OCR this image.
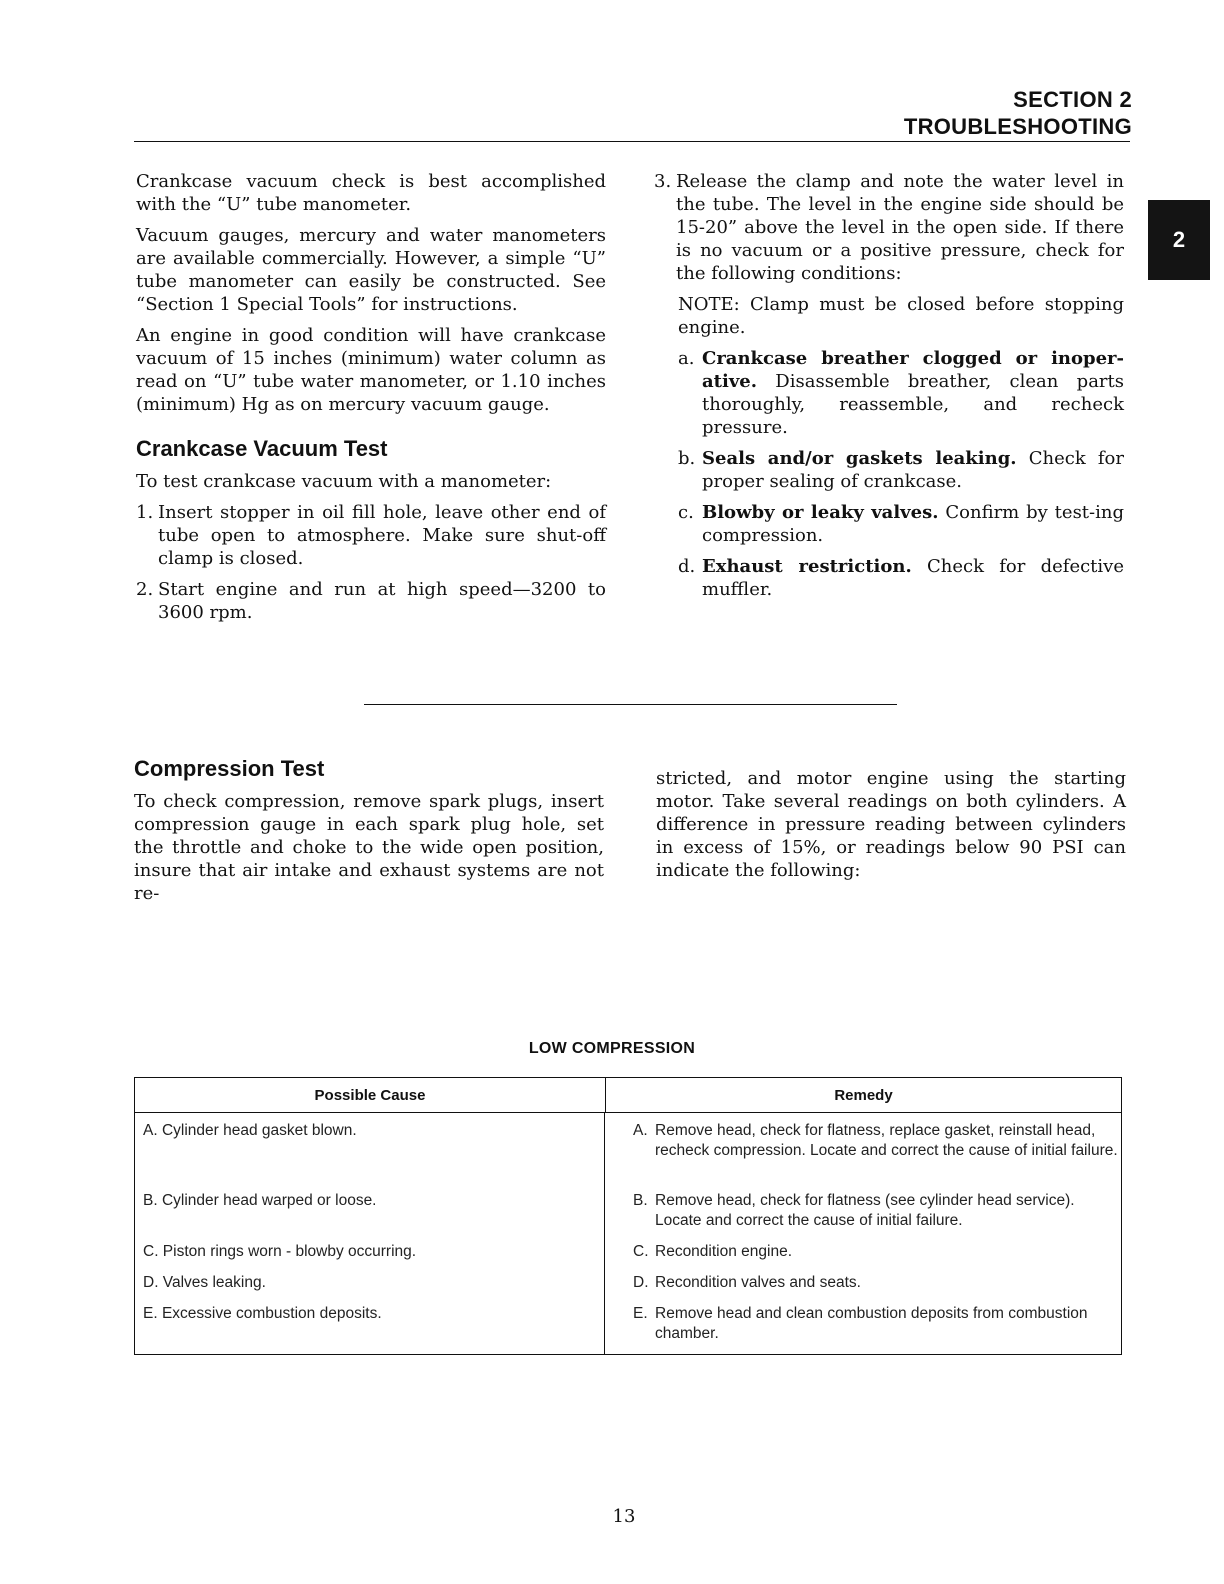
SECTION 2
TROUBLESHOOTING
2

Crankcase vacuum check is best accomplished with the “U” tube manometer.

Vacuum gauges, mercury and water manometers are available commercially. However, a simple “U” tube manometer can easily be constructed. See “Section 1 Special Tools” for instructions.

An engine in good condition will have crankcase vacuum of 15 inches (minimum) water column as read on “U” tube water manometer, or 1.10 inches (minimum) Hg as on mercury vacuum gauge.

Crankcase Vacuum Test

To test crankcase vacuum with a manometer:

1. Insert stopper in oil fill hole, leave other end of tube open to atmosphere. Make sure shut-off clamp is closed.
2. Start engine and run at high speed—3200 to 3600 rpm.
3. Release the clamp and note the water level in the tube. The level in the engine side should be 15-20” above the level in the open side. If there is no vacuum or a positive pressure, check for the following conditions:

NOTE: Clamp must be closed before stopping engine.

a. Crankcase breather clogged or inoper-ative. Disassemble breather, clean parts thoroughly, reassemble, and recheck pressure.
b. Seals and/or gaskets leaking. Check for proper sealing of crankcase.
c. Blowby or leaky valves. Confirm by test-ing compression.
d. Exhaust restriction. Check for defective muffler.
Compression Test

To check compression, remove spark plugs, insert compression gauge in each spark plug hole, set the throttle and choke to the wide open position, insure that air intake and exhaust systems are not re-

stricted, and motor engine using the starting motor. Take several readings on both cylinders. A difference in pressure reading between cylinders in excess of 15%, or readings below 90 PSI can indicate the following:

LOW COMPRESSION
Possible Cause	Remedy
A. Cylinder head gasket blown.
B. Cylinder head warped or loose.
C. Piston rings worn - blowby occurring.
D. Valves leaking.
E. Excessive combustion deposits.
A. Remove head, check for flatness, replace gasket, reinstall head, recheck compression. Locate and correct the cause of initial failure.
B. Remove head, check for flatness (see cylinder head service). Locate and correct the cause of initial failure.
C. Recondition engine.
D. Recondition valves and seats.
E. Remove head and clean combustion deposits from combustion chamber.
13
